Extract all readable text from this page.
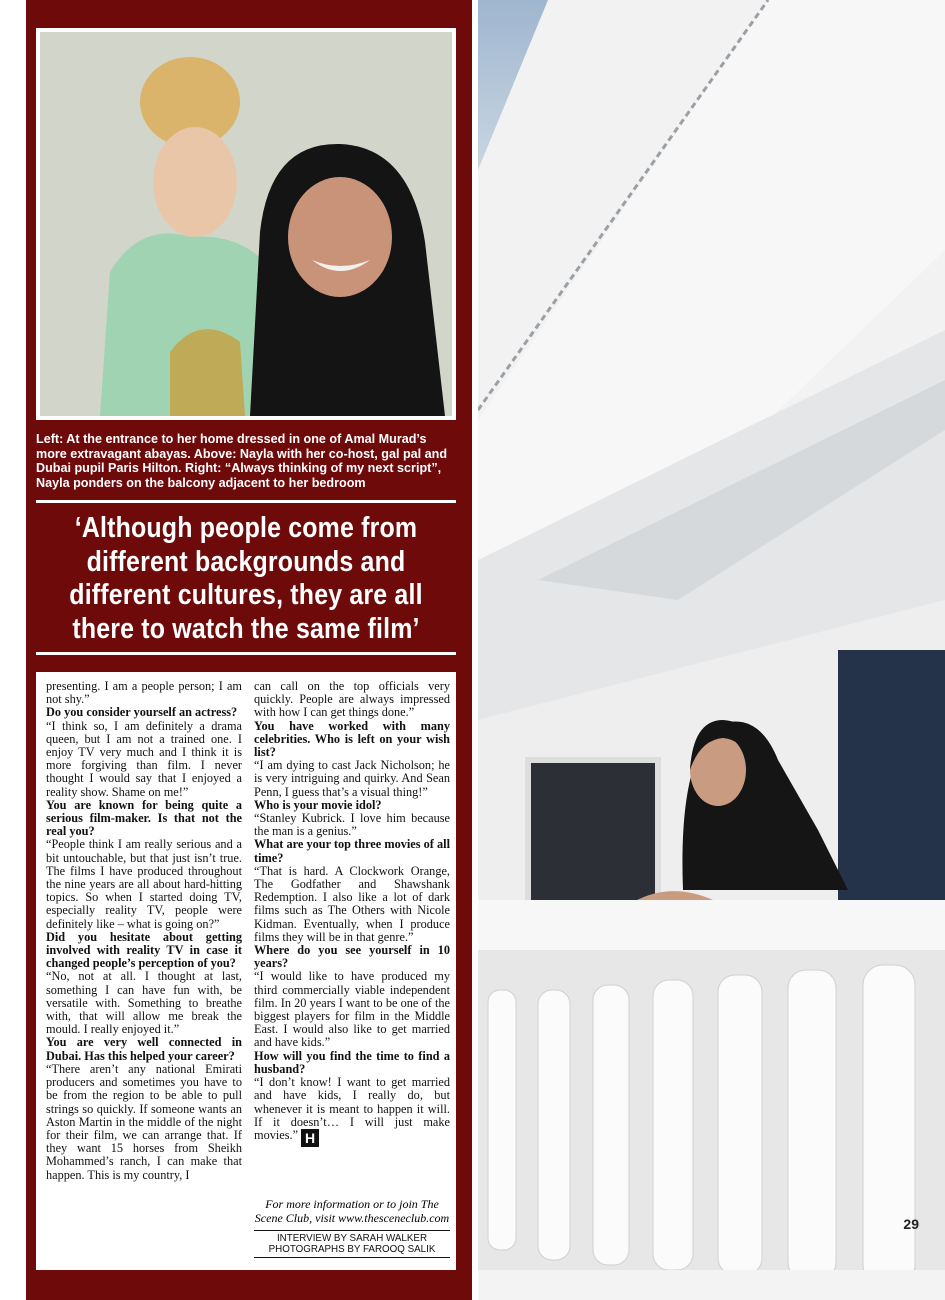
Left: At the entrance to her home dressed in one of Amal Murad’s more extravagant abayas. Above: Nayla with her co-host, gal pal and Dubai pupil Paris Hilton. Right: “Always thinking of my next script”, Nayla ponders on the balcony adjacent to her bedroom
‘Although people come from different backgrounds and different cultures, they are all there to watch the same film’

presenting. I am a people person; I am not shy.”

Do you consider yourself an actress?

“I think so, I am definitely a drama queen, but I am not a trained one. I enjoy TV very much and I think it is more forgiving than film. I never thought I would say that I enjoyed a reality show. Shame on me!”

You are known for being quite a serious film-maker. Is that not the real you?

“People think I am really serious and a bit untouchable, but that just isn’t true. The films I have produced throughout the nine years are all about hard-hitting topics. So when I started doing TV, especially reality TV, people were definitely like – what is going on?”

Did you hesitate about getting involved with reality TV in case it changed people’s perception of you?

“No, not at all. I thought at last, something I can have fun with, be versatile with. Something to breathe with, that will allow me break the mould. I really enjoyed it.”

You are very well connected in Dubai. Has this helped your career?

“There aren’t any national Emirati producers and sometimes you have to be from the region to be able to pull strings so quickly. If someone wants an Aston Martin in the middle of the night for their film, we can arrange that. If they want 15 horses from Sheikh Mohammed’s ranch, I can make that happen. This is my country, I

can call on the top officials very quickly. People are always impressed with how I can get things done.”

You have worked with many celebrities. Who is left on your wish list?

“I am dying to cast Jack Nicholson; he is very intriguing and quirky. And Sean Penn, I guess that’s a visual thing!”

Who is your movie idol?

“Stanley Kubrick. I love him because the man is a genius.”

What are your top three movies of all time?

“That is hard. A Clockwork Orange, The Godfather and Shawshank Redemption. I also like a lot of dark films such as The Others with Nicole Kidman. Eventually, when I produce films they will be in that genre.”

Where do you see yourself in 10 years?

“I would like to have produced my third commercially viable independent film. In 20 years I want to be one of the biggest players for film in the Middle East. I would also like to get married and have kids.”

How will you find the time to find a husband?

“I don’t know! I want to get married and have kids, I really do, but whenever it is meant to happen it will. If it doesn’t… I will just make movies.” H

For more information or to join The Scene Club, visit www.thesceneclub.com
INTERVIEW BY SARAH WALKER
PHOTOGRAPHS BY FAROOQ SALIK
29
